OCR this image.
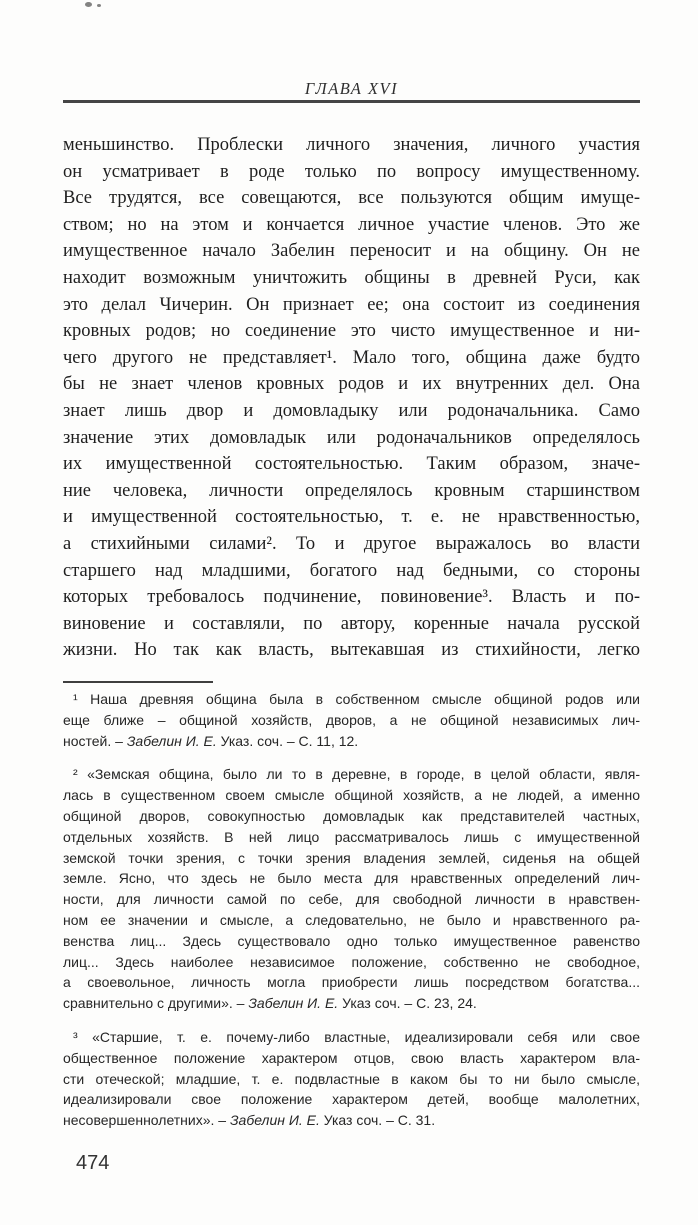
ГЛАВА XVI
меньшинство. Проблески личного значения, личного участия
он усматривает в роде только по вопросу имущественному.
Все трудятся, все совещаются, все пользуются общим имуще-
ством; но на этом и кончается личное участие членов. Это же
имущественное начало Забелин переносит и на общину. Он не
находит возможным уничтожить общины в древней Руси, как
это делал Чичерин. Он признает ее; она состоит из соединения
кровных родов; но соединение это чисто имущественное и ни-
чего другого не представляет¹. Мало того, община даже будто
бы не знает членов кровных родов и их внутренних дел. Она
знает лишь двор и домовладыку или родоначальника. Само
значение этих домовладык или родоначальников определялось
их имущественной состоятельностью. Таким образом, значе-
ние человека, личности определялось кровным старшинством
и имущественной состоятельностью, т. е. не нравственностью,
а стихийными силами². То и другое выражалось во власти
старшего над младшими, богатого над бедными, со стороны
которых требовалось подчинение, повиновение³. Власть и по-
виновение и составляли, по автору, коренные начала русской
жизни. Но так как власть, вытекавшая из стихийности, легко
¹ Наша древняя община была в собственном смысле общиной родов или
еще ближе – общиной хозяйств, дворов, а не общиной независимых лич-
ностей. – Забелин И. Е. Указ. соч. – С. 11, 12.
² «Земская община, было ли то в деревне, в городе, в целой области, явля-
лась в существенном своем смысле общиной хозяйств, а не людей, а именно
общиной дворов, совокупностью домовладык как представителей частных,
отдельных хозяйств. В ней лицо рассматривалось лишь с имущественной
земской точки зрения, с точки зрения владения землей, сиденья на общей
земле. Ясно, что здесь не было места для нравственных определений лич-
ности, для личности самой по себе, для свободной личности в нравствен-
ном ее значении и смысле, а следовательно, не было и нравственного ра-
венства лиц... Здесь существовало одно только имущественное равенство
лиц... Здесь наиболее независимое положение, собственно не свободное,
а своевольное, личность могла приобрести лишь посредством богатства...
сравнительно с другими». – Забелин И. Е. Указ соч. – С. 23, 24.
³ «Старшие, т. е. почему-либо властные, идеализировали себя или свое
общественное положение характером отцов, свою власть характером вла-
сти отеческой; младшие, т. е. подвластные в каком бы то ни было смысле,
идеализировали свое положение характером детей, вообще малолетних,
несовершеннолетних». – Забелин И. Е. Указ соч. – С. 31.
474
